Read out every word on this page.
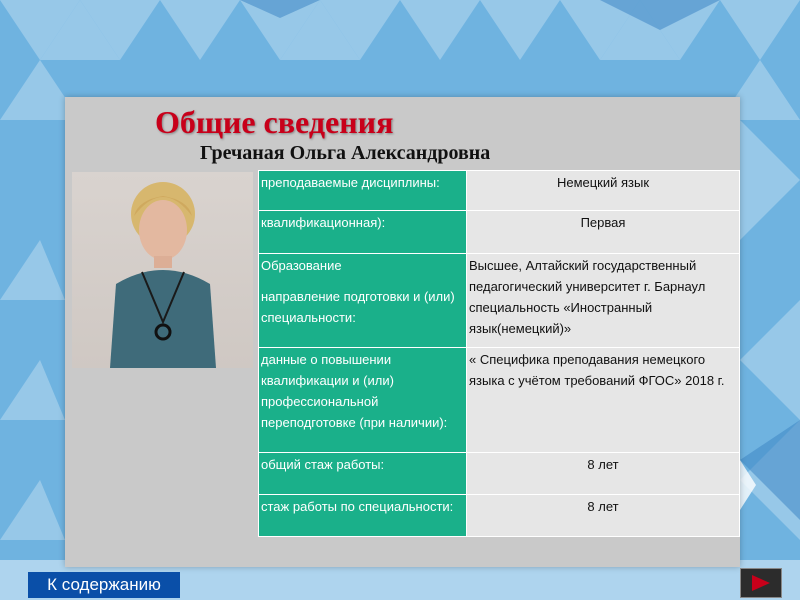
Общие сведения
Гречаная Ольга Александровна
преподаваемые дисциплины:	Немецкий язык
квалификационная):	Первая
Образование
направление подготовки и (или) специальности:	Высшее, Алтайский государственный педагогический университет г. Барнаул специальность «Иностранный язык(немецкий)»
данные о повышении квалификации и (или) профессиональной переподготовке (при наличии):	« Специфика преподавания немецкого языка с учётом требований ФГОС» 2018 г.
общий стаж работы:	8 лет
стаж работы по специальности:	8 лет
К содержанию
